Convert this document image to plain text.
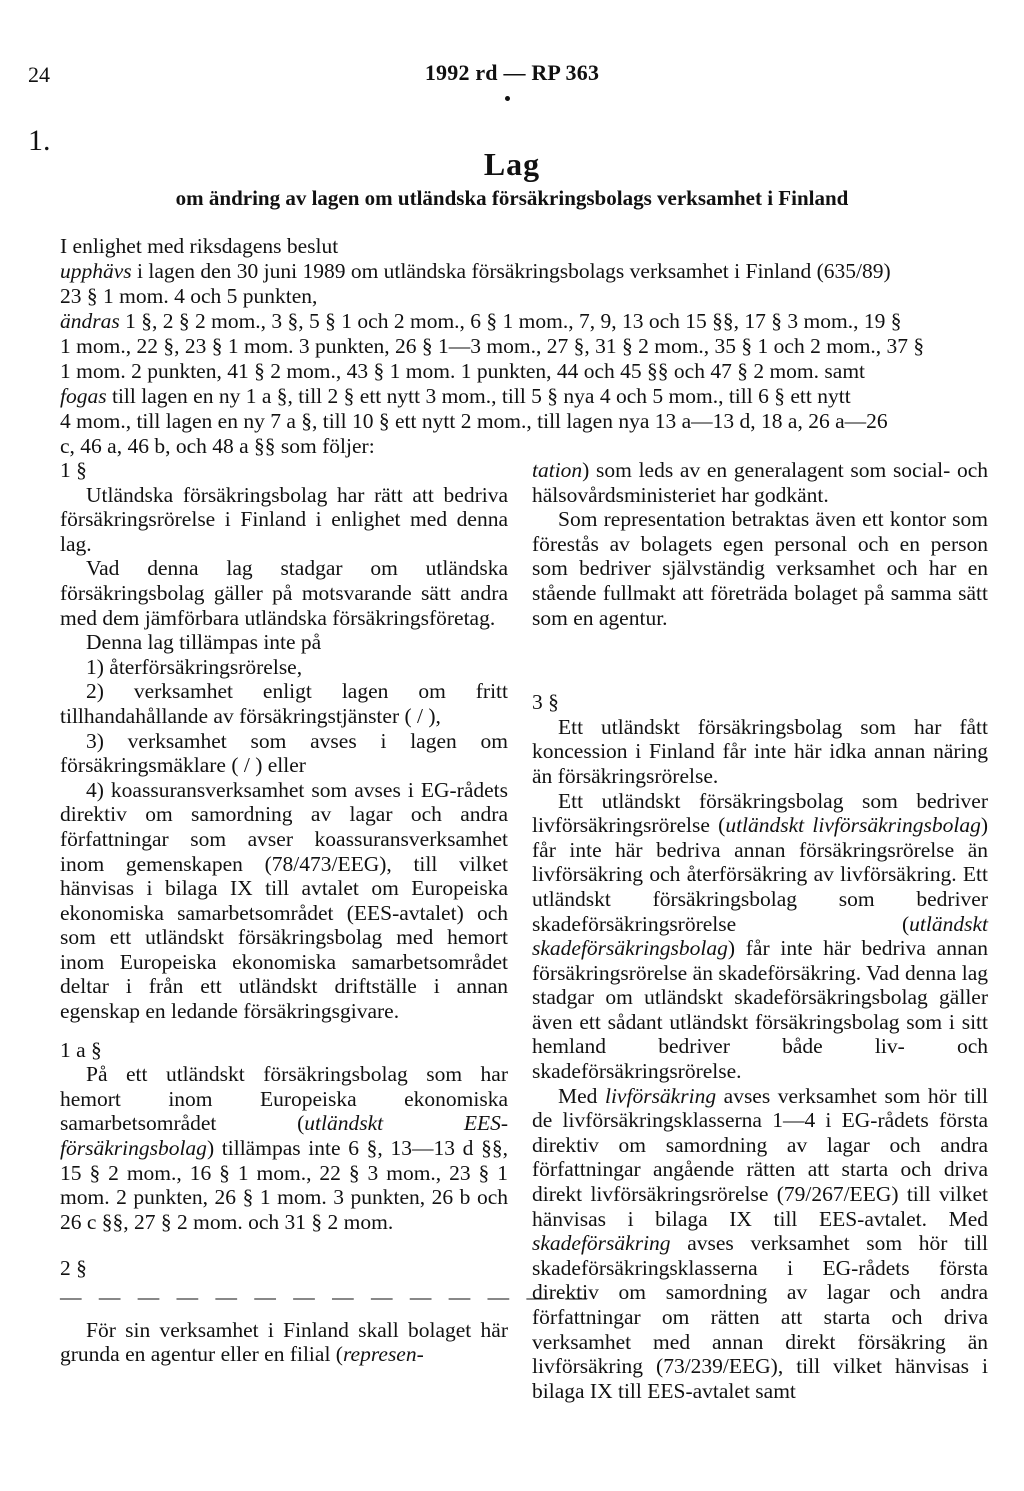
24	1992 rd — RP 363
1.
Lag
om ändring av lagen om utländska försäkringsbolags verksamhet i Finland
I enlighet med riksdagens beslut
upphävs i lagen den 30 juni 1989 om utländska försäkringsbolags verksamhet i Finland (635/89)
23 § 1 mom. 4 och 5 punkten,
ändras 1 §, 2 § 2 mom., 3 §, 5 § 1 och 2 mom., 6 § 1 mom., 7, 9, 13 och 15 §§, 17 § 3 mom., 19 §
1 mom., 22 §, 23 § 1 mom. 3 punkten, 26 § 1—3 mom., 27 §, 31 § 2 mom., 35 § 1 och 2 mom., 37 §
1 mom. 2 punkten, 41 § 2 mom., 43 § 1 mom. 1 punkten, 44 och 45 §§ och 47 § 2 mom. samt
fogas till lagen en ny 1 a §, till 2 § ett nytt 3 mom., till 5 § nya 4 och 5 mom., till 6 § ett nytt
4 mom., till lagen en ny 7 a §, till 10 § ett nytt 2 mom., till lagen nya 13 a—13 d, 18 a, 26 a—26
c, 46 a, 46 b, och 48 a §§ som följer:

1 §

Utländska försäkringsbolag har rätt att bedriva försäkringsrörelse i Finland i enlighet med denna lag.

Vad denna lag stadgar om utländska försäkringsbolag gäller på motsvarande sätt andra med dem jämförbara utländska försäkringsföretag.

Denna lag tillämpas inte på

1) återförsäkringsrörelse,

2) verksamhet enligt lagen om fritt tillhandahållande av försäkringstjänster ( / ),

3) verksamhet som avses i lagen om försäkringsmäklare ( / ) eller

4) koassuransverksamhet som avses i EG-rådets direktiv om samordning av lagar och andra författningar som avser koassuransverksamhet inom gemenskapen (78/473/EEG), till vilket hänvisas i bilaga IX till avtalet om Europeiska ekonomiska samarbetsområdet (EES-avtalet) och som ett utländskt försäkringsbolag med hemort inom Europeiska ekonomiska samarbetsområdet deltar i från ett utländskt driftställe i annan egenskap en ledande försäkringsgivare.

1 a §

På ett utländskt försäkringsbolag som har hemort inom Europeiska ekonomiska samarbetsområdet (utländskt EES-försäkringsbolag) tillämpas inte 6 §, 13—13 d §§, 15 § 2 mom., 16 § 1 mom., 22 § 3 mom., 23 § 1 mom. 2 punkten, 26 § 1 mom. 3 punkten, 26 b och 26 c §§, 27 § 2 mom. och 31 § 2 mom.

2 §

— — — — — — — — — — — — — —

För sin verksamhet i Finland skall bolaget här grunda en agentur eller en filial (represen-

tation) som leds av en generalagent som social- och hälsovårdsministeriet har godkänt.

Som representation betraktas även ett kontor som förestås av bolagets egen personal och en person som bedriver självständig verksamhet och har en stående fullmakt att företräda bolaget på samma sätt som en agentur.

3 §

Ett utländskt försäkringsbolag som har fått koncession i Finland får inte här idka annan näring än försäkringsrörelse.

Ett utländskt försäkringsbolag som bedriver livförsäkringsrörelse (utländskt livförsäkringsbolag) får inte här bedriva annan försäkringsrörelse än livförsäkring och återförsäkring av livförsäkring. Ett utländskt försäkringsbolag som bedriver skadeförsäkringsrörelse (utländskt skadeförsäkringsbolag) får inte här bedriva annan försäkringsrörelse än skadeförsäkring. Vad denna lag stadgar om utländskt skadeförsäkringsbolag gäller även ett sådant utländskt försäkringsbolag som i sitt hemland bedriver både liv- och skadeförsäkringsrörelse.

Med livförsäkring avses verksamhet som hör till de livförsäkringsklasserna 1—4 i EG-rådets första direktiv om samordning av lagar och andra författningar angående rätten att starta och driva direkt livförsäkringsrörelse (79/267/EEG) till vilket hänvisas i bilaga IX till EES-avtalet. Med skadeförsäkring avses verksamhet som hör till skadeförsäkringsklasserna i EG-rådets första direktiv om samordning av lagar och andra författningar om rätten att starta och driva verksamhet med annan direkt försäkring än livförsäkring (73/239/EEG), till vilket hänvisas i bilaga IX till EES-avtalet samt
